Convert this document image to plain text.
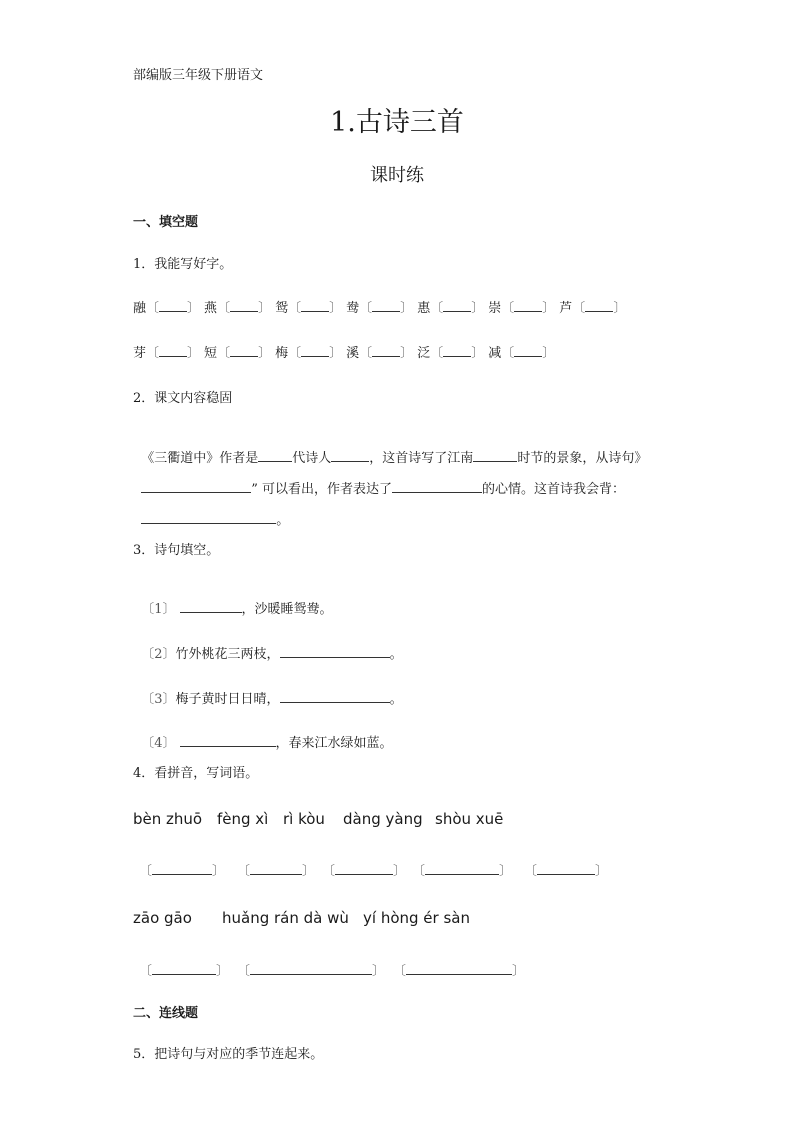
部编版三年级下册语文
1.古诗三首
课时练
一、填空题
1．我能写好字。
融〔 〕 燕〔 〕 鸳〔 〕 鸯〔 〕 惠〔 〕 崇〔 〕 芦〔 〕
芽〔 〕 短〔 〕 梅〔 〕 溪〔 〕 泛〔 〕 减〔 〕
2．课文内容稳固

《三衢道中》作者是	代诗人	，这首诗写了江南	时节的景象，从诗句》

” 可以看出，作者表达了	的心情。这首诗我会背：

。

3．诗句填空。

〔1〕	，沙暖睡鸳鸯。

〔2〕竹外桃花三两枝，	。

〔3〕梅子黄时日日晴，	。

〔4〕	，春来江水绿如蓝。

4．看拼音，写词语。
bèn zhuō fèng xì rì kòu dàng yàng shòu xuē
〔	〕 〔	〕 〔	〕 〔	〕 〔	〕
zāo gāo huǎng rán dà wù yí hòng ér sàn
〔	〕 〔	〕 〔	〕
二、连线题
5．把诗句与对应的季节连起来。
